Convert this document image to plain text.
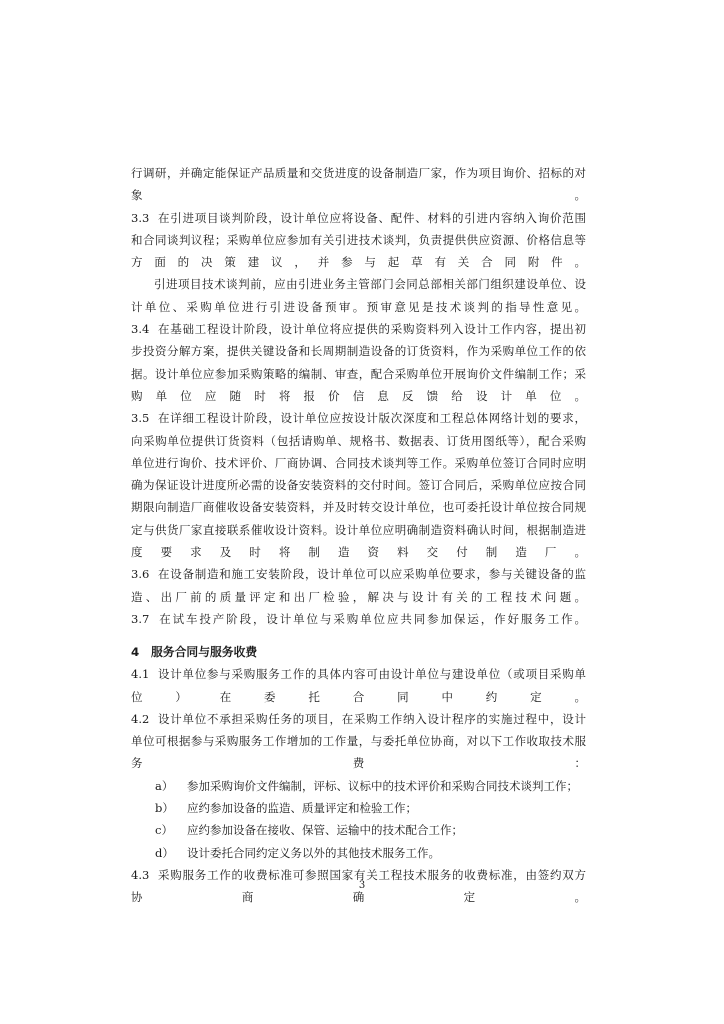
行调研，并确定能保证产品质量和交货进度的设备制造厂家，作为项目询价、招标的对
象。

3.3 在引进项目谈判阶段，设计单位应将设备、配件、材料的引进内容纳入询价范围
和合同谈判议程；采购单位应参加有关引进技术谈判，负责提供供应资源、价格信息等
方面的决策建议，并参与起草有关合同附件。

引进项目技术谈判前，应由引进业务主管部门会同总部相关部门组织建设单位、设
计单位、采购单位进行引进设备预审。预审意见是技术谈判的指导性意见。

3.4 在基础工程设计阶段，设计单位将应提供的采购资料列入设计工作内容，提出初
步投资分解方案，提供关键设备和长周期制造设备的订货资料，作为采购单位工作的依
据。设计单位应参加采购策略的编制、审查，配合采购单位开展询价文件编制工作；采
购单位应随时将报价信息反馈给设计单位。

3.5 在详细工程设计阶段，设计单位应按设计版次深度和工程总体网络计划的要求，
向采购单位提供订货资料（包括请购单、规格书、数据表、订货用图纸等），配合采购
单位进行询价、技术评价、厂商协调、合同技术谈判等工作。采购单位签订合同时应明
确为保证设计进度所必需的设备安装资料的交付时间。签订合同后，采购单位应按合同
期限向制造厂商催收设备安装资料，并及时转交设计单位，也可委托设计单位按合同规
定与供货厂家直接联系催收设计资料。设计单位应明确制造资料确认时间，根据制造进
度要求及时将制造资料交付制造厂。

3.6 在设备制造和施工安装阶段，设计单位可以应采购单位要求，参与关键设备的监
造、出厂前的质量评定和出厂检验，解决与设计有关的工程技术问题。

3.7 在试车投产阶段，设计单位与采购单位应共同参加保运，作好服务工作。

4　服务合同与服务收费

4.1 设计单位参与采购服务工作的具体内容可由设计单位与建设单位（或项目采购单
位）在委托合同中约定。

4.2 设计单位不承担采购任务的项目，在采购工作纳入设计程序的实施过程中，设计
单位可根据参与采购服务工作增加的工作量，与委托单位协商，对以下工作收取技术服
务费：

a） 参加采购询价文件编制，评标、议标中的技术评价和采购合同技术谈判工作；
b） 应约参加设备的监造、质量评定和检验工作；
c） 应约参加设备在接收、保管、运输中的技术配合工作；
d） 设计委托合同约定义务以外的其他技术服务工作。

4.3 采购服务工作的收费标准可参照国家有关工程技术服务的收费标准，由签约双方
协商确定。

3
